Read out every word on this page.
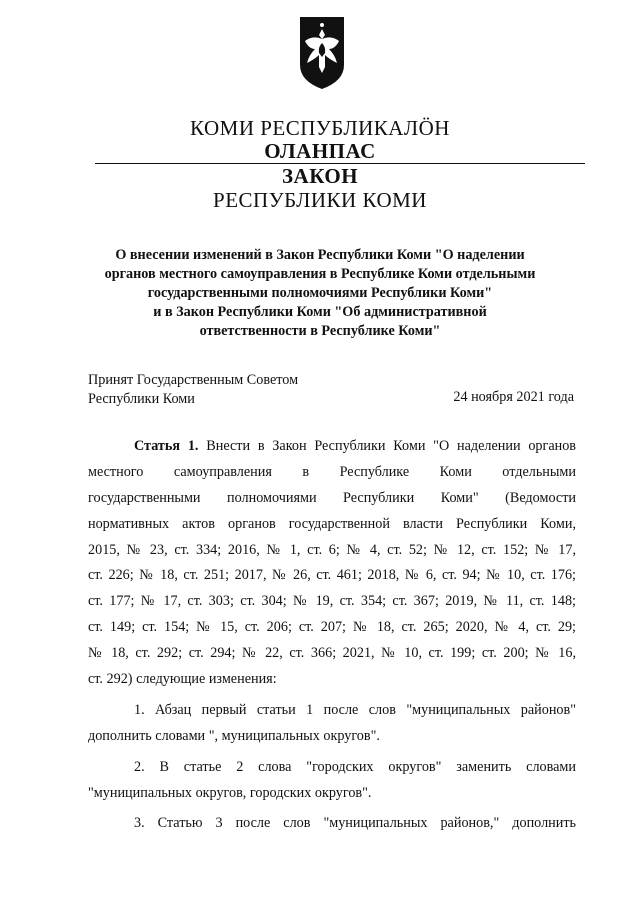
КОМИ РЕСПУБЛИКАЛӦН
ОЛАНПАС
ЗАКОН
РЕСПУБЛИКИ КОМИ
О внесении изменений в Закон Республики Коми "О наделении
органов местного самоуправления в Республике Коми отдельными
государственными полномочиями Республики Коми"
и в Закон Республики Коми "Об административной
ответственности в Республике Коми"
Принят Государственным Советом
Республики Коми	24 ноября 2021 года
Статья 1. Внести в Закон Республики Коми "О наделении органов
местного самоуправления в Республике Коми отдельными
государственными полномочиями Республики Коми" (Ведомости
нормативных актов органов государственной власти Республики Коми,
2015, № 23, ст. 334; 2016, № 1, ст. 6; № 4, ст. 52; № 12, ст. 152; № 17,
ст. 226; № 18, ст. 251; 2017, № 26, ст. 461; 2018, № 6, ст. 94; № 10, ст. 176;
ст. 177; № 17, ст. 303; ст. 304; № 19, ст. 354; ст. 367; 2019, № 11, ст. 148;
ст. 149; ст. 154; № 15, ст. 206; ст. 207; № 18, ст. 265; 2020, № 4, ст. 29;
№ 18, ст. 292; ст. 294; № 22, ст. 366; 2021, № 10, ст. 199; ст. 200; № 16,
ст. 292) следующие изменения:
1. Абзац первый статьи 1 после слов "муниципальных районов"
дополнить словами ", муниципальных округов".
2. В статье 2 слова "городских округов" заменить словами
"муниципальных округов, городских округов".
3. Статью 3 после слов "муниципальных районов," дополнить
